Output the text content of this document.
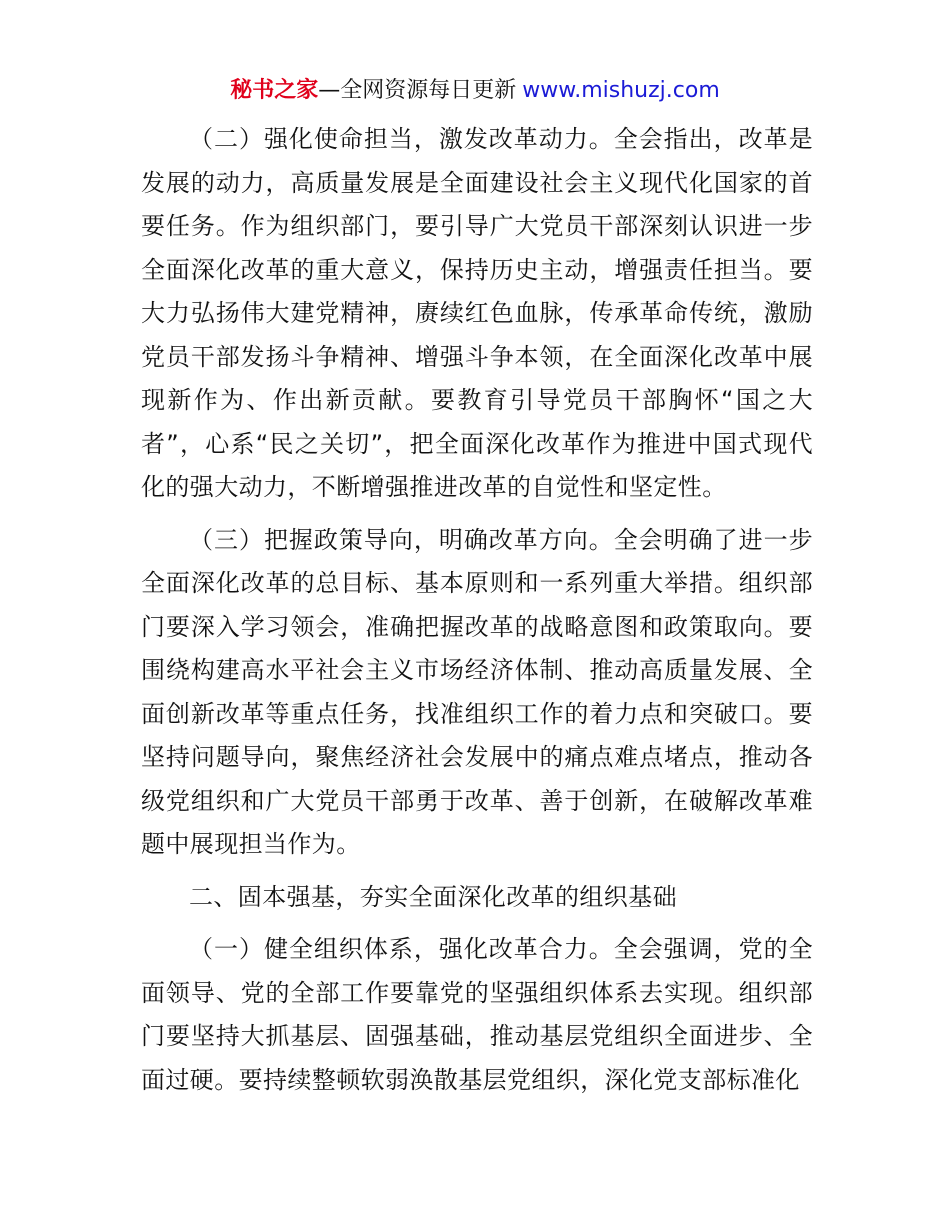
秘书之家—全网资源每日更新 www.mishuzj.com

（二）强化使命担当，激发改革动力。全会指出，改革是发展的动力，高质量发展是全面建设社会主义现代化国家的首要任务。作为组织部门，要引导广大党员干部深刻认识进一步全面深化改革的重大意义，保持历史主动，增强责任担当。要大力弘扬伟大建党精神，赓续红色血脉，传承革命传统，激励党员干部发扬斗争精神、增强斗争本领，在全面深化改革中展现新作为、作出新贡献。要教育引导党员干部胸怀“国之大者”，心系“民之关切”，把全面深化改革作为推进中国式现代化的强大动力，不断增强推进改革的自觉性和坚定性。

（三）把握政策导向，明确改革方向。全会明确了进一步全面深化改革的总目标、基本原则和一系列重大举措。组织部门要深入学习领会，准确把握改革的战略意图和政策取向。要围绕构建高水平社会主义市场经济体制、推动高质量发展、全面创新改革等重点任务，找准组织工作的着力点和突破口。要坚持问题导向，聚焦经济社会发展中的痛点难点堵点，推动各级党组织和广大党员干部勇于改革、善于创新，在破解改革难题中展现担当作为。

二、固本强基，夯实全面深化改革的组织基础

（一）健全组织体系，强化改革合力。全会强调，党的全面领导、党的全部工作要靠党的坚强组织体系去实现。组织部门要坚持大抓基层、固强基础，推动基层党组织全面进步、全面过硬。要持续整顿软弱涣散基层党组织，深化党支部标准化
